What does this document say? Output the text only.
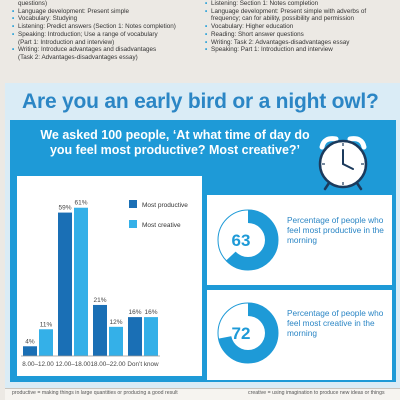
questions)
• Language development: Present simple
• Vocabulary: Studying
• Listening: Predict answers (Section 1: Notes completion)
• Speaking: Introduction; Use a range of vocabulary
(Part 1: Introduction and interview)
• Writing: Introduce advantages and disadvantages
(Task 2: Advantages-disadvantages essay)
• Listening: Section 1: Notes completion
• Language development: Present simple with adverbs of
frequency; can for ability, possibility and permission
• Vocabulary: Higher education
• Reading: Short answer questions
• Writing: Task 2: Advantages-disadvantages essay
• Speaking: Part 1: Introduction and interview
Are you an early bird or a night owl?
We asked 100 people, ‘At what time of day do you feel most productive? Most creative?’
4%
11%
8.00–12.00
59%
61%
12.00–18.00
21%
12%
18.00–22.00
16% 16%
Don’t know
Most productive
Most creative
63
Percentage of people who feel most productive in the morning
72
Percentage of people who feel most creative in the morning
productive = making things in large quantities or producing a good result	creative = using imagination to produce new ideas or things
